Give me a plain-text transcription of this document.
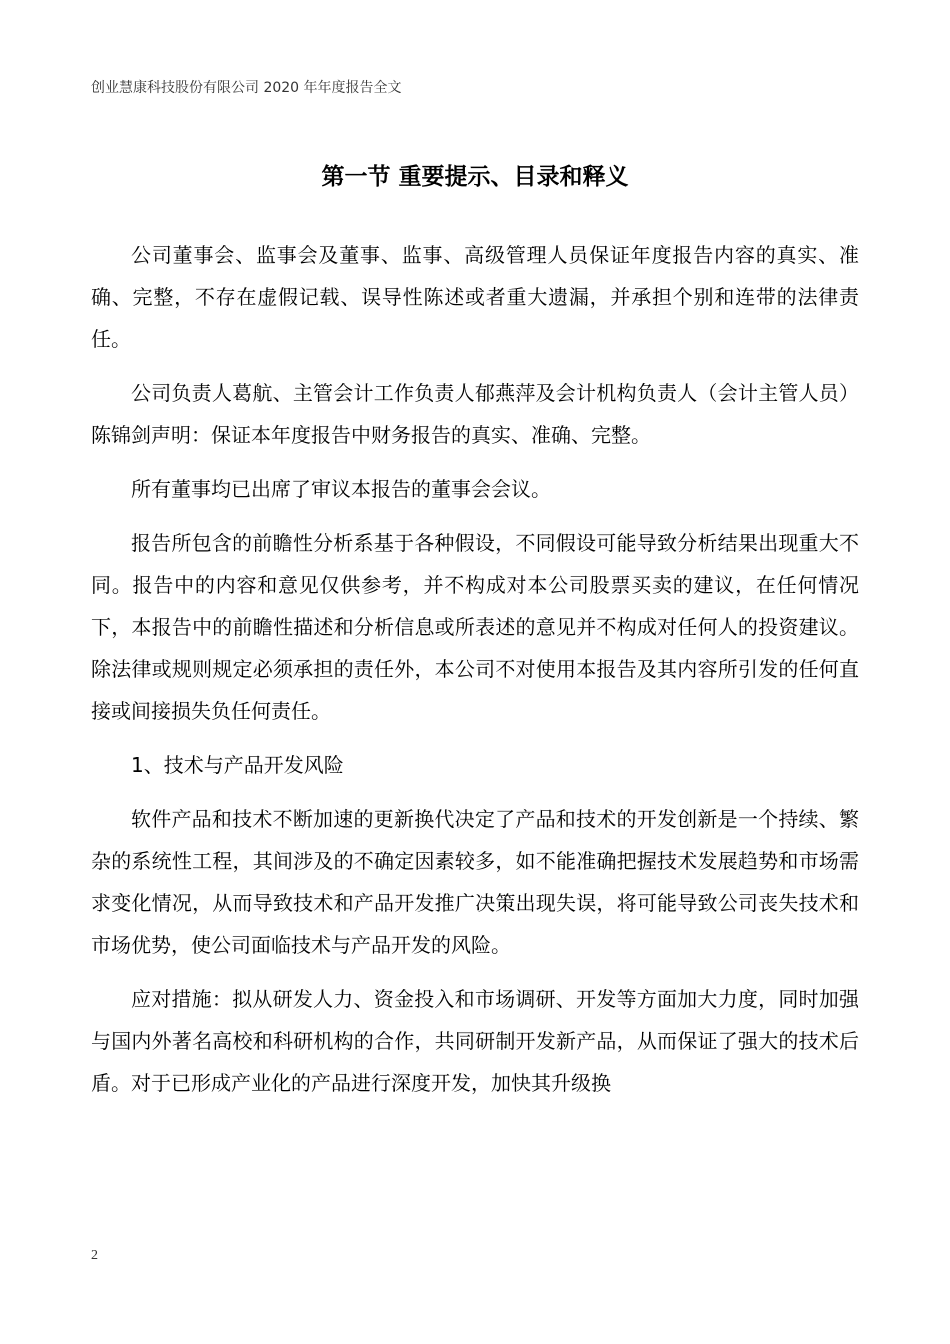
创业慧康科技股份有限公司 2020 年年度报告全文
第一节 重要提示、目录和释义

公司董事会、监事会及董事、监事、高级管理人员保证年度报告内容的真实、准确、完整，不存在虚假记载、误导性陈述或者重大遗漏，并承担个别和连带的法律责任。

公司负责人葛航、主管会计工作负责人郁燕萍及会计机构负责人（会计主管人员）陈锦剑声明：保证本年度报告中财务报告的真实、准确、完整。

所有董事均已出席了审议本报告的董事会会议。

报告所包含的前瞻性分析系基于各种假设，不同假设可能导致分析结果出现重大不同。报告中的内容和意见仅供参考，并不构成对本公司股票买卖的建议，在任何情况下，本报告中的前瞻性描述和分析信息或所表述的意见并不构成对任何人的投资建议。除法律或规则规定必须承担的责任外，本公司不对使用本报告及其内容所引发的任何直接或间接损失负任何责任。

1、技术与产品开发风险

软件产品和技术不断加速的更新换代决定了产品和技术的开发创新是一个持续、繁杂的系统性工程，其间涉及的不确定因素较多，如不能准确把握技术发展趋势和市场需求变化情况，从而导致技术和产品开发推广决策出现失误，将可能导致公司丧失技术和市场优势，使公司面临技术与产品开发的风险。

应对措施：拟从研发人力、资金投入和市场调研、开发等方面加大力度，同时加强与国内外著名高校和科研机构的合作，共同研制开发新产品，从而保证了强大的技术后盾。对于已形成产业化的产品进行深度开发，加快其升级换

2
